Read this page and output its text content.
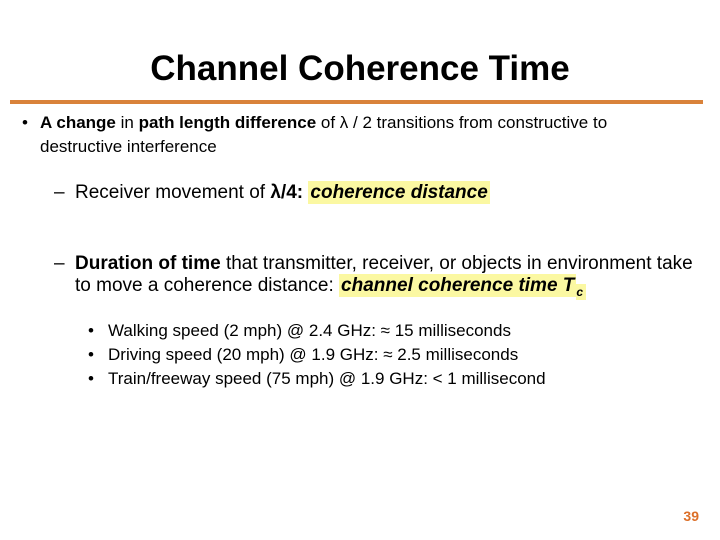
Channel Coherence Time
• A change in path length difference of λ / 2 transitions from constructive to
destructive interference
– Receiver movement of λ/4: coherence distance
– Duration of time that transmitter, receiver, or objects in environment take
to move a coherence distance: channel coherence time T $_c$
• Walking speed (2 mph) @ 2.4 GHz: ≈ 15 milliseconds
• Driving speed (20 mph) @ 1.9 GHz: ≈ 2.5 milliseconds
• Train/freeway speed (75 mph) @ 1.9 GHz: < 1 millisecond
39
